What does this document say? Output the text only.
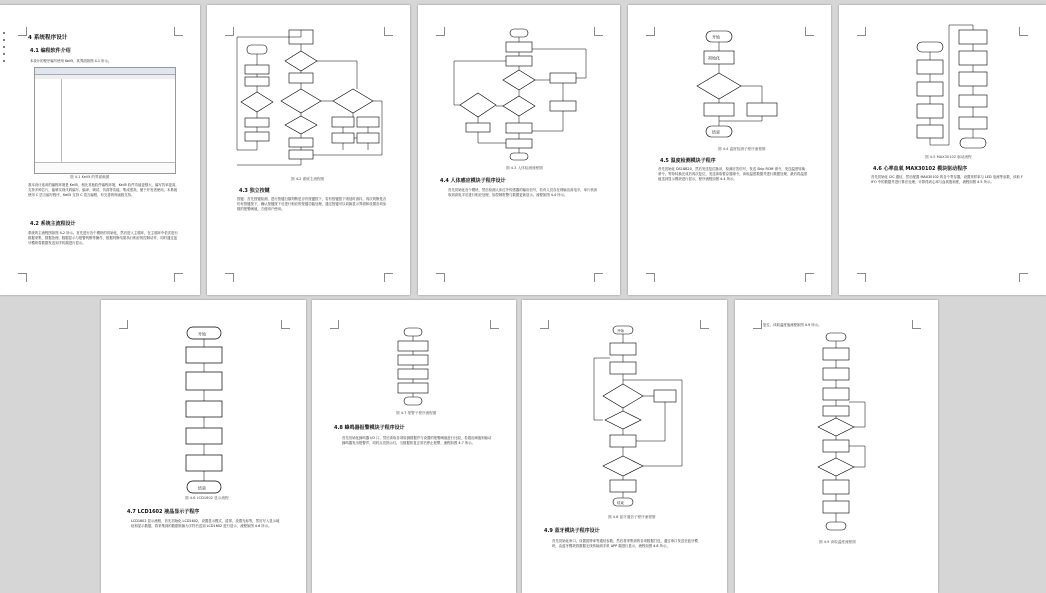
4 系统程序设计
4.1 编程软件介绍
本设计的程序编写使用 Keil5，其界面如图 4.1 所示。
图 4.1 Keil5 的界面截图
基本设计选用的编程环境是 Keil5，相比其他软件编程环境，Keil5 软件功能更强大，编写效率更高，支持多种芯片，能够实现代码编写、编译、调试、仿真等功能，集成度高，便于开发者使用。本系统使用 C 语言编写程序，Keil5 支持 C 语言编程，有完善的库函数支持。
4.2 系统主流程设计
系统的主流程图如图 4.2 所示。首先进行各个模块的初始化，然后进入主循环，在主循环中依次进行数据采集、数据处理、数据显示与报警判断等操作，根据判断结果执行相应的控制动作，同时通过蓝牙模块将数据发送到手机端进行显示。
图 4.2 系统主流程图
4.3 独立按键
按键：首先按键检测，进行按键扫描判断是否有按键按下，若有按键按下则延时消抖，再次判断是否仍有按键按下，确认按键按下后进行相应的按键功能处理，通过按键可以切换显示界面和设置各项参数的报警阈值，方便用户使用。
图 4.3 人体检测流程图
4.4 人体感应模块子程序设计
首先初始化各个模块，然后检测人体红外传感器的输出信号，若有人员存在则输出高电平，单片机读取到高电平后进行相应处理，如控制报警与数据更新显示。流程如图 4.4 所示。
开始
初始化
结束
图 4.4 温度检测子程序流程图
4.5 温度检测模块子程序
首先初始化 DS18B20，然后发送复位脉冲，检测应答信号，发送 Skip ROM 命令，发送温度转换命令，等待转换完成后再次复位，发送读取暂存器命令，读取温度数据并进行数据处理，最后将温度值送到显示模块进行显示，程序流程如图 4.4 所示。
图 4.5 MAX30102 驱动流程
4.6 心率血氧 MAX30102 模块驱动程序
首先初始化 I2C 通信，然后配置 MAX30102 的各个寄存器，设置采样率与 LED 电流等参数，读取 FIFO 中的数据并进行算法处理，计算得到心率与血氧饱和度，流程如图 4.5 所示。
开始
结束
图 4.6 LCD1602 显示流程
4.7 LCD1602 液晶显示子程序
LCD1602 显示流程，首先初始化 LCD1602，设置显示模式、清屏、设置光标等，然后写入显示地址和显示数据，将采集到的数据转换为字符后送到 LCD1602 进行显示，流程如图 4.6 所示。
图 4.7 报警子程序流程图
4.8 蜂鸣器报警模块子程序设计
首先初始化蜂鸣器 I/O 口，然后读取各项检测数据并与设置的报警阈值进行比较，若超出阈值则驱动蜂鸣器发出报警声，同时点亮指示灯，当数据恢复正常后停止报警，流程如图 4.7 所示。
开始
结束
图 4.8 蓝牙通信子程序流程图
4.9 蓝牙模块子程序设计
首先初始化串口，设置波特率等通信参数，然后将采集到的各项数据打包，通过串口发送至蓝牙模块，由蓝牙模块将数据无线传输到手机 APP 端进行显示，流程如图 4.8 所示。
复位、读取温度值流程如图 4.9 所示。
图 4.9 读取温度流程图
